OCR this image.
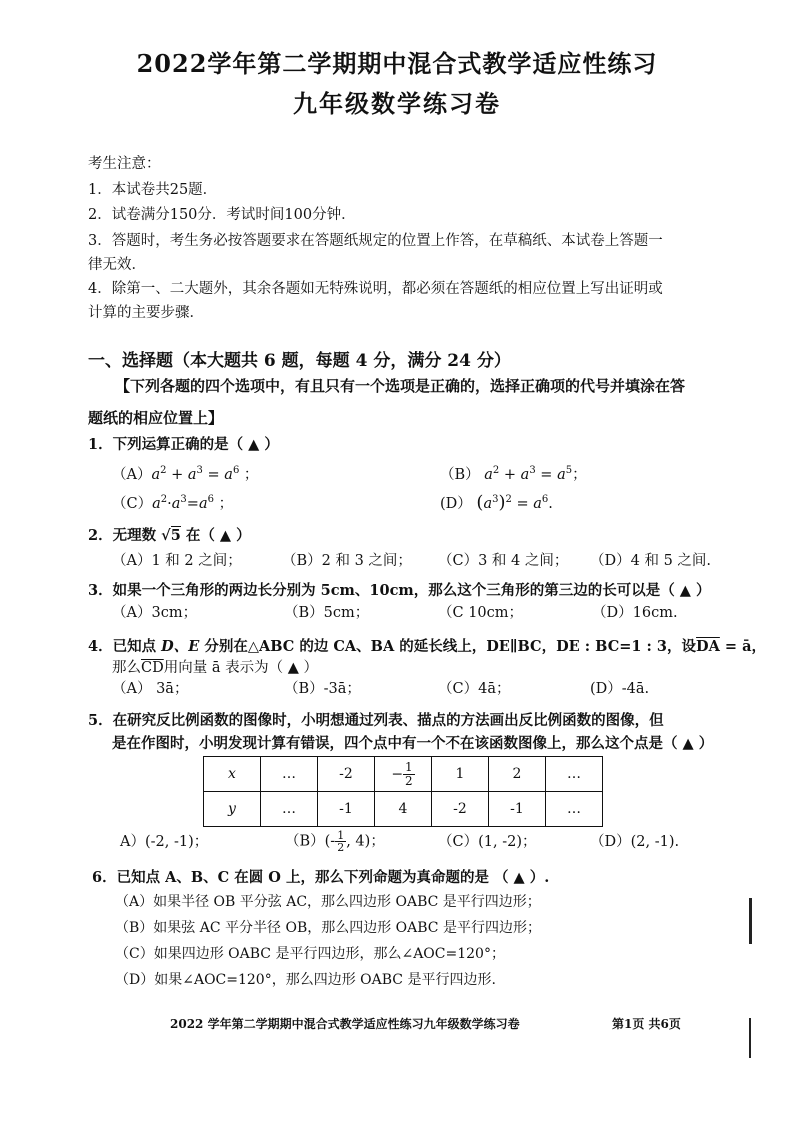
2022学年第二学期期中混合式教学适应性练习
九年级数学练习卷
考生注意：
1．本试卷共25题．
2．试卷满分150分．考试时间100分钟．
3．答题时，考生务必按答题要求在答题纸规定的位置上作答，在草稿纸、本试卷上答题一
律无效．
4．除第一、二大题外，其余各题如无特殊说明，都必须在答题纸的相应位置上写出证明或
计算的主要步骤．
一、选择题（本大题共 6 题，每题 4 分，满分 24 分）
【下列各题的四个选项中，有且只有一个选项是正确的，选择正确项的代号并填涂在答
题纸的相应位置上】
1．下列运算正确的是（ ▲ ）
$(A)a^2 + a^3 = a^6$ ；	（B） $a^2 + a^3 = a^5$；
$(C)a^2\cdot a^3=a^6$ ；	(D） $(a^3)^2 = a^6$.
2．无理数 √5 在（ ▲ ）
（A）1 和 2 之间；	（B）2 和 3 之间； （C）3 和 4 之间； （D）4 和 5 之间.
3．如果一个三角形的两边长分别为 5cm、10cm，那么这个三角形的第三边的长可以是（ ▲ ）
（A）3cm；	（B）5cm；	（C 10cm；	（D）16cm.
4．已知点 D、E 分别在△ABC 的边 CA、BA 的延长线上，DE∥BC，DE : BC=1 : 3，设$\overline{DA}$ = ā，
那么$\overline{CD}$用向量 ā 表示为（ ▲ ）
（A） 3ā；	（B）-3ā；	（C）4ā；	(D）-4ā.
5．在研究反比例函数的图像时，小明想通过列表、描点的方法画出反比例函数的图像，但
是在作图时，小明发现计算有错误，四个点中有一个不在该函数图像上，那么这个点是（ ▲ ）
x	…	-2	− $\frac{1}{2}$	1	2	…
y	…	-1	4	-2	-1	…
A）(-2, -1)；	$(B)(- \frac{1}{2}$ , 4)；	（C）(1, -2)；	（D）(2, -1).
6．已知点 A、B、C 在圆 O 上，那么下列命题为真命题的是 （ ▲ ）.
（A）如果半径 OB 平分弦 AC，那么四边形 OABC 是平行四边形；
（B）如果弦 AC 平分半径 OB，那么四边形 OABC 是平行四边形；
（C）如果四边形 OABC 是平行四边形，那么∠AOC=120°；
（D）如果∠AOC=120°，那么四边形 OABC 是平行四边形.
2022 学年第二学期期中混合式教学适应性练习九年级数学练习卷	第1页 共6页
